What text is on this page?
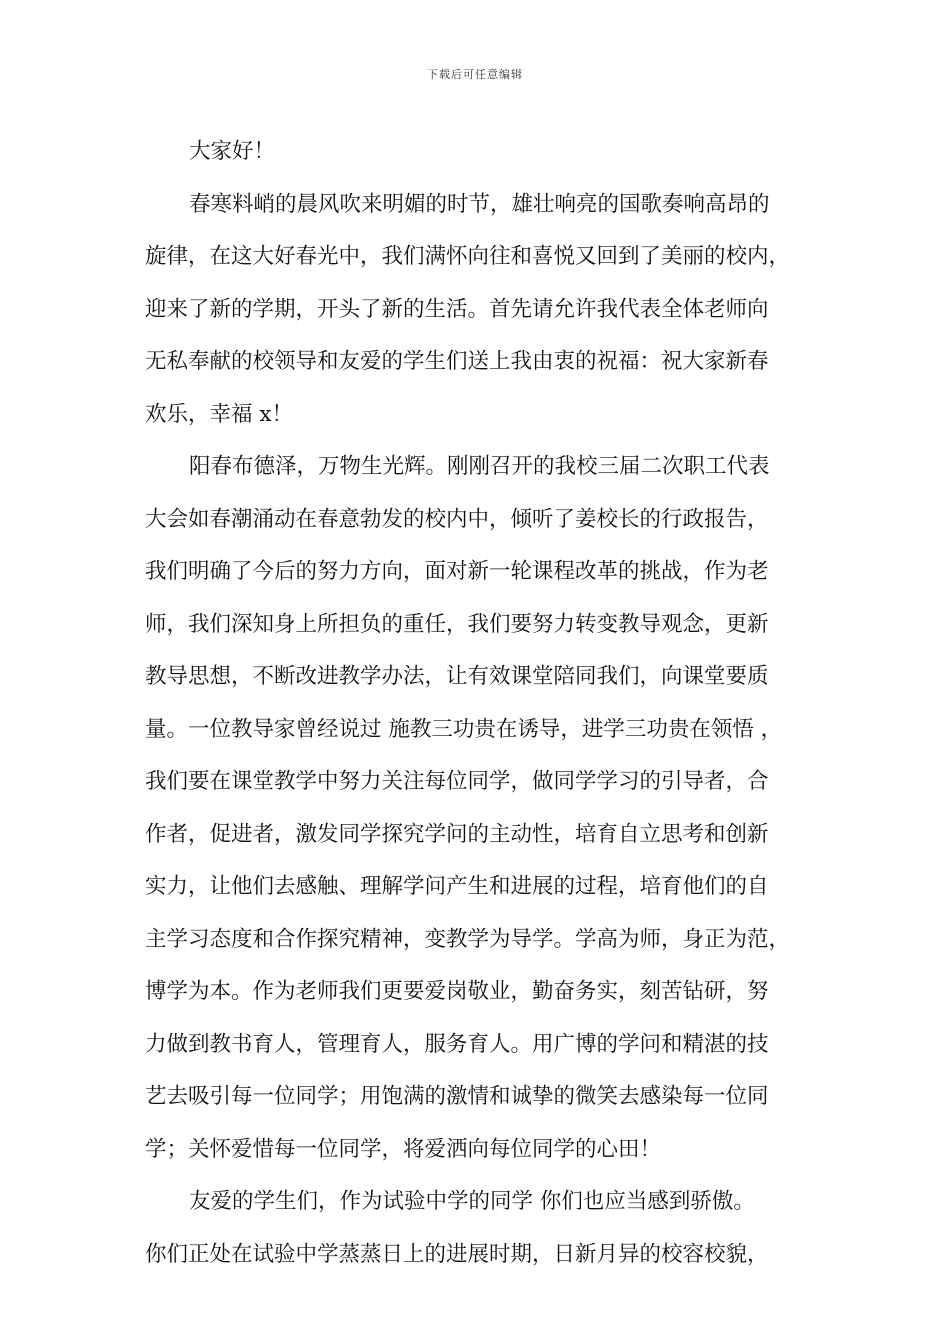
下载后可任意编辑
大家好！
春寒料峭的晨风吹来明媚的时节，雄壮响亮的国歌奏响高昂的
旋律，在这大好春光中，我们满怀向往和喜悦又回到了美丽的校内，
迎来了新的学期，开头了新的生活。首先请允许我代表全体老师向
无私奉献的校领导和友爱的学生们送上我由衷的祝福：祝大家新春
欢乐，幸福 x！
阳春布德泽，万物生光辉。刚刚召开的我校三届二次职工代表
大会如春潮涌动在春意勃发的校内中，倾听了姜校长的行政报告，
我们明确了今后的努力方向，面对新一轮课程改革的挑战，作为老
师，我们深知身上所担负的重任，我们要努力转变教导观念，更新
教导思想，不断改进教学办法，让有效课堂陪同我们，向课堂要质
量。一位教导家曾经说过 施教三功贵在诱导，进学三功贵在领悟 ，
我们要在课堂教学中努力关注每位同学，做同学学习的引导者，合
作者，促进者，激发同学探究学问的主动性，培育自立思考和创新
实力，让他们去感触、理解学问产生和进展的过程，培育他们的自
主学习态度和合作探究精神，变教学为导学。学高为师，身正为范，
博学为本。作为老师我们更要爱岗敬业，勤奋务实，刻苦钻研，努
力做到教书育人，管理育人，服务育人。用广博的学问和精湛的技
艺去吸引每一位同学；用饱满的激情和诚挚的微笑去感染每一位同
学；关怀爱惜每一位同学，将爱洒向每位同学的心田！
友爱的学生们，作为试验中学的同学 你们也应当感到骄傲。
你们正处在试验中学蒸蒸日上的进展时期，日新月异的校容校貌，
